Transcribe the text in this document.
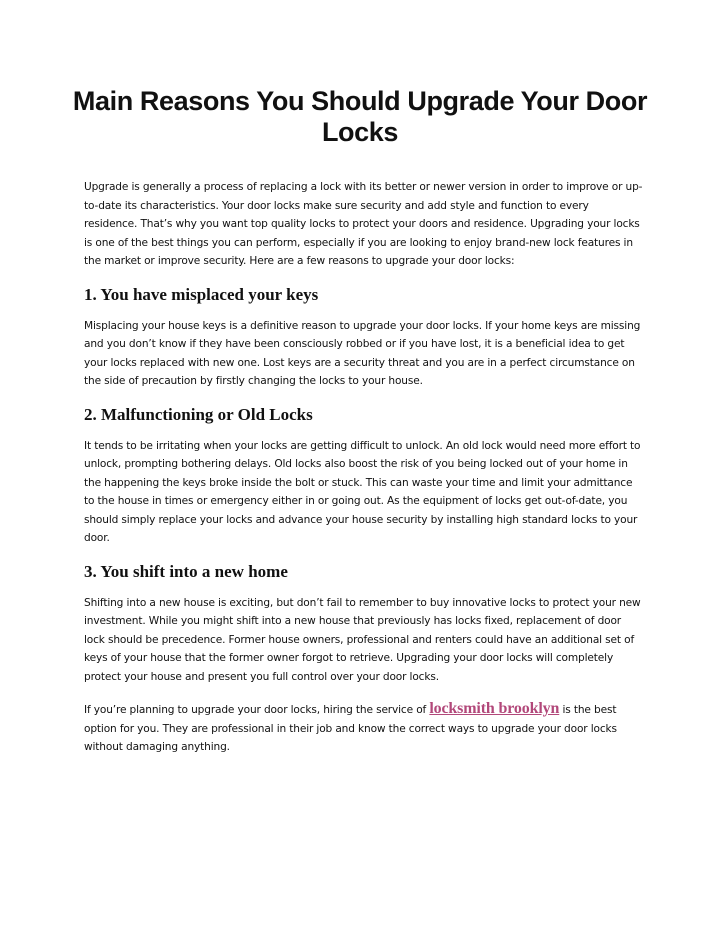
Main Reasons You Should Upgrade Your Door Locks

Upgrade is generally a process of replacing a lock with its better or newer version in order to improve or up-to-date its characteristics. Your door locks make sure security and add style and function to every residence. That’s why you want top quality locks to protect your doors and residence. Upgrading your locks is one of the best things you can perform, especially if you are looking to enjoy brand-new lock features in the market or improve security. Here are a few reasons to upgrade your door locks:

1. You have misplaced your keys

Misplacing your house keys is a definitive reason to upgrade your door locks. If your home keys are missing and you don’t know if they have been consciously robbed or if you have lost, it is a beneficial idea to get your locks replaced with new one. Lost keys are a security threat and you are in a perfect circumstance on the side of precaution by firstly changing the locks to your house.

2. Malfunctioning or Old Locks

It tends to be irritating when your locks are getting difficult to unlock. An old lock would need more effort to unlock, prompting bothering delays. Old locks also boost the risk of you being locked out of your home in the happening the keys broke inside the bolt or stuck. This can waste your time and limit your admittance to the house in times or emergency either in or going out. As the equipment of locks get out-of-date, you should simply replace your locks and advance your house security by installing high standard locks to your door.

3. You shift into a new home

Shifting into a new house is exciting, but don’t fail to remember to buy innovative locks to protect your new investment. While you might shift into a new house that previously has locks fixed, replacement of door lock should be precedence. Former house owners, professional and renters could have an additional set of keys of your house that the former owner forgot to retrieve. Upgrading your door locks will completely protect your house and present you full control over your door locks.

If you’re planning to upgrade your door locks, hiring the service of locksmith brooklyn is the best option for you. They are professional in their job and know the correct ways to upgrade your door locks without damaging anything.
